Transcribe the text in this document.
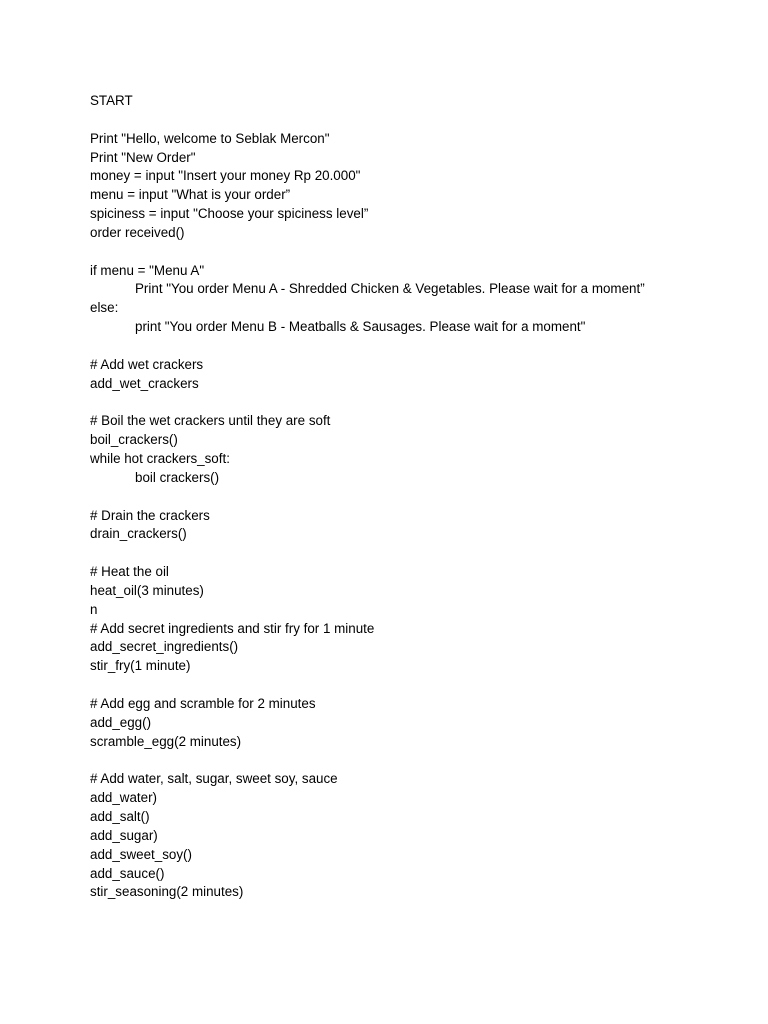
START
Print "Hello, welcome to Seblak Mercon"
Print "New Order"
money = input "Insert your money Rp 20.000"
menu = input "What is your order”
spiciness = input "Choose your spiciness level”
order received()
if menu = "Menu A"
Print "You order Menu A - Shredded Chicken & Vegetables. Please wait for a moment”
else:
print "You order Menu B - Meatballs & Sausages. Please wait for a moment"
# Add wet crackers
add_wet_crackers
# Boil the wet crackers until they are soft
boil_crackers()
while hot crackers_soft:
boil crackers()
# Drain the crackers
drain_crackers()
# Heat the oil
heat_oil(3 minutes)
n
# Add secret ingredients and stir fry for 1 minute
add_secret_ingredients()
stir_fry(1 minute)
# Add egg and scramble for 2 minutes
add_egg()
scramble_egg(2 minutes)
# Add water, salt, sugar, sweet soy, sauce
add_water)
add_salt()
add_sugar)
add_sweet_soy()
add_sauce()
stir_seasoning(2 minutes)
